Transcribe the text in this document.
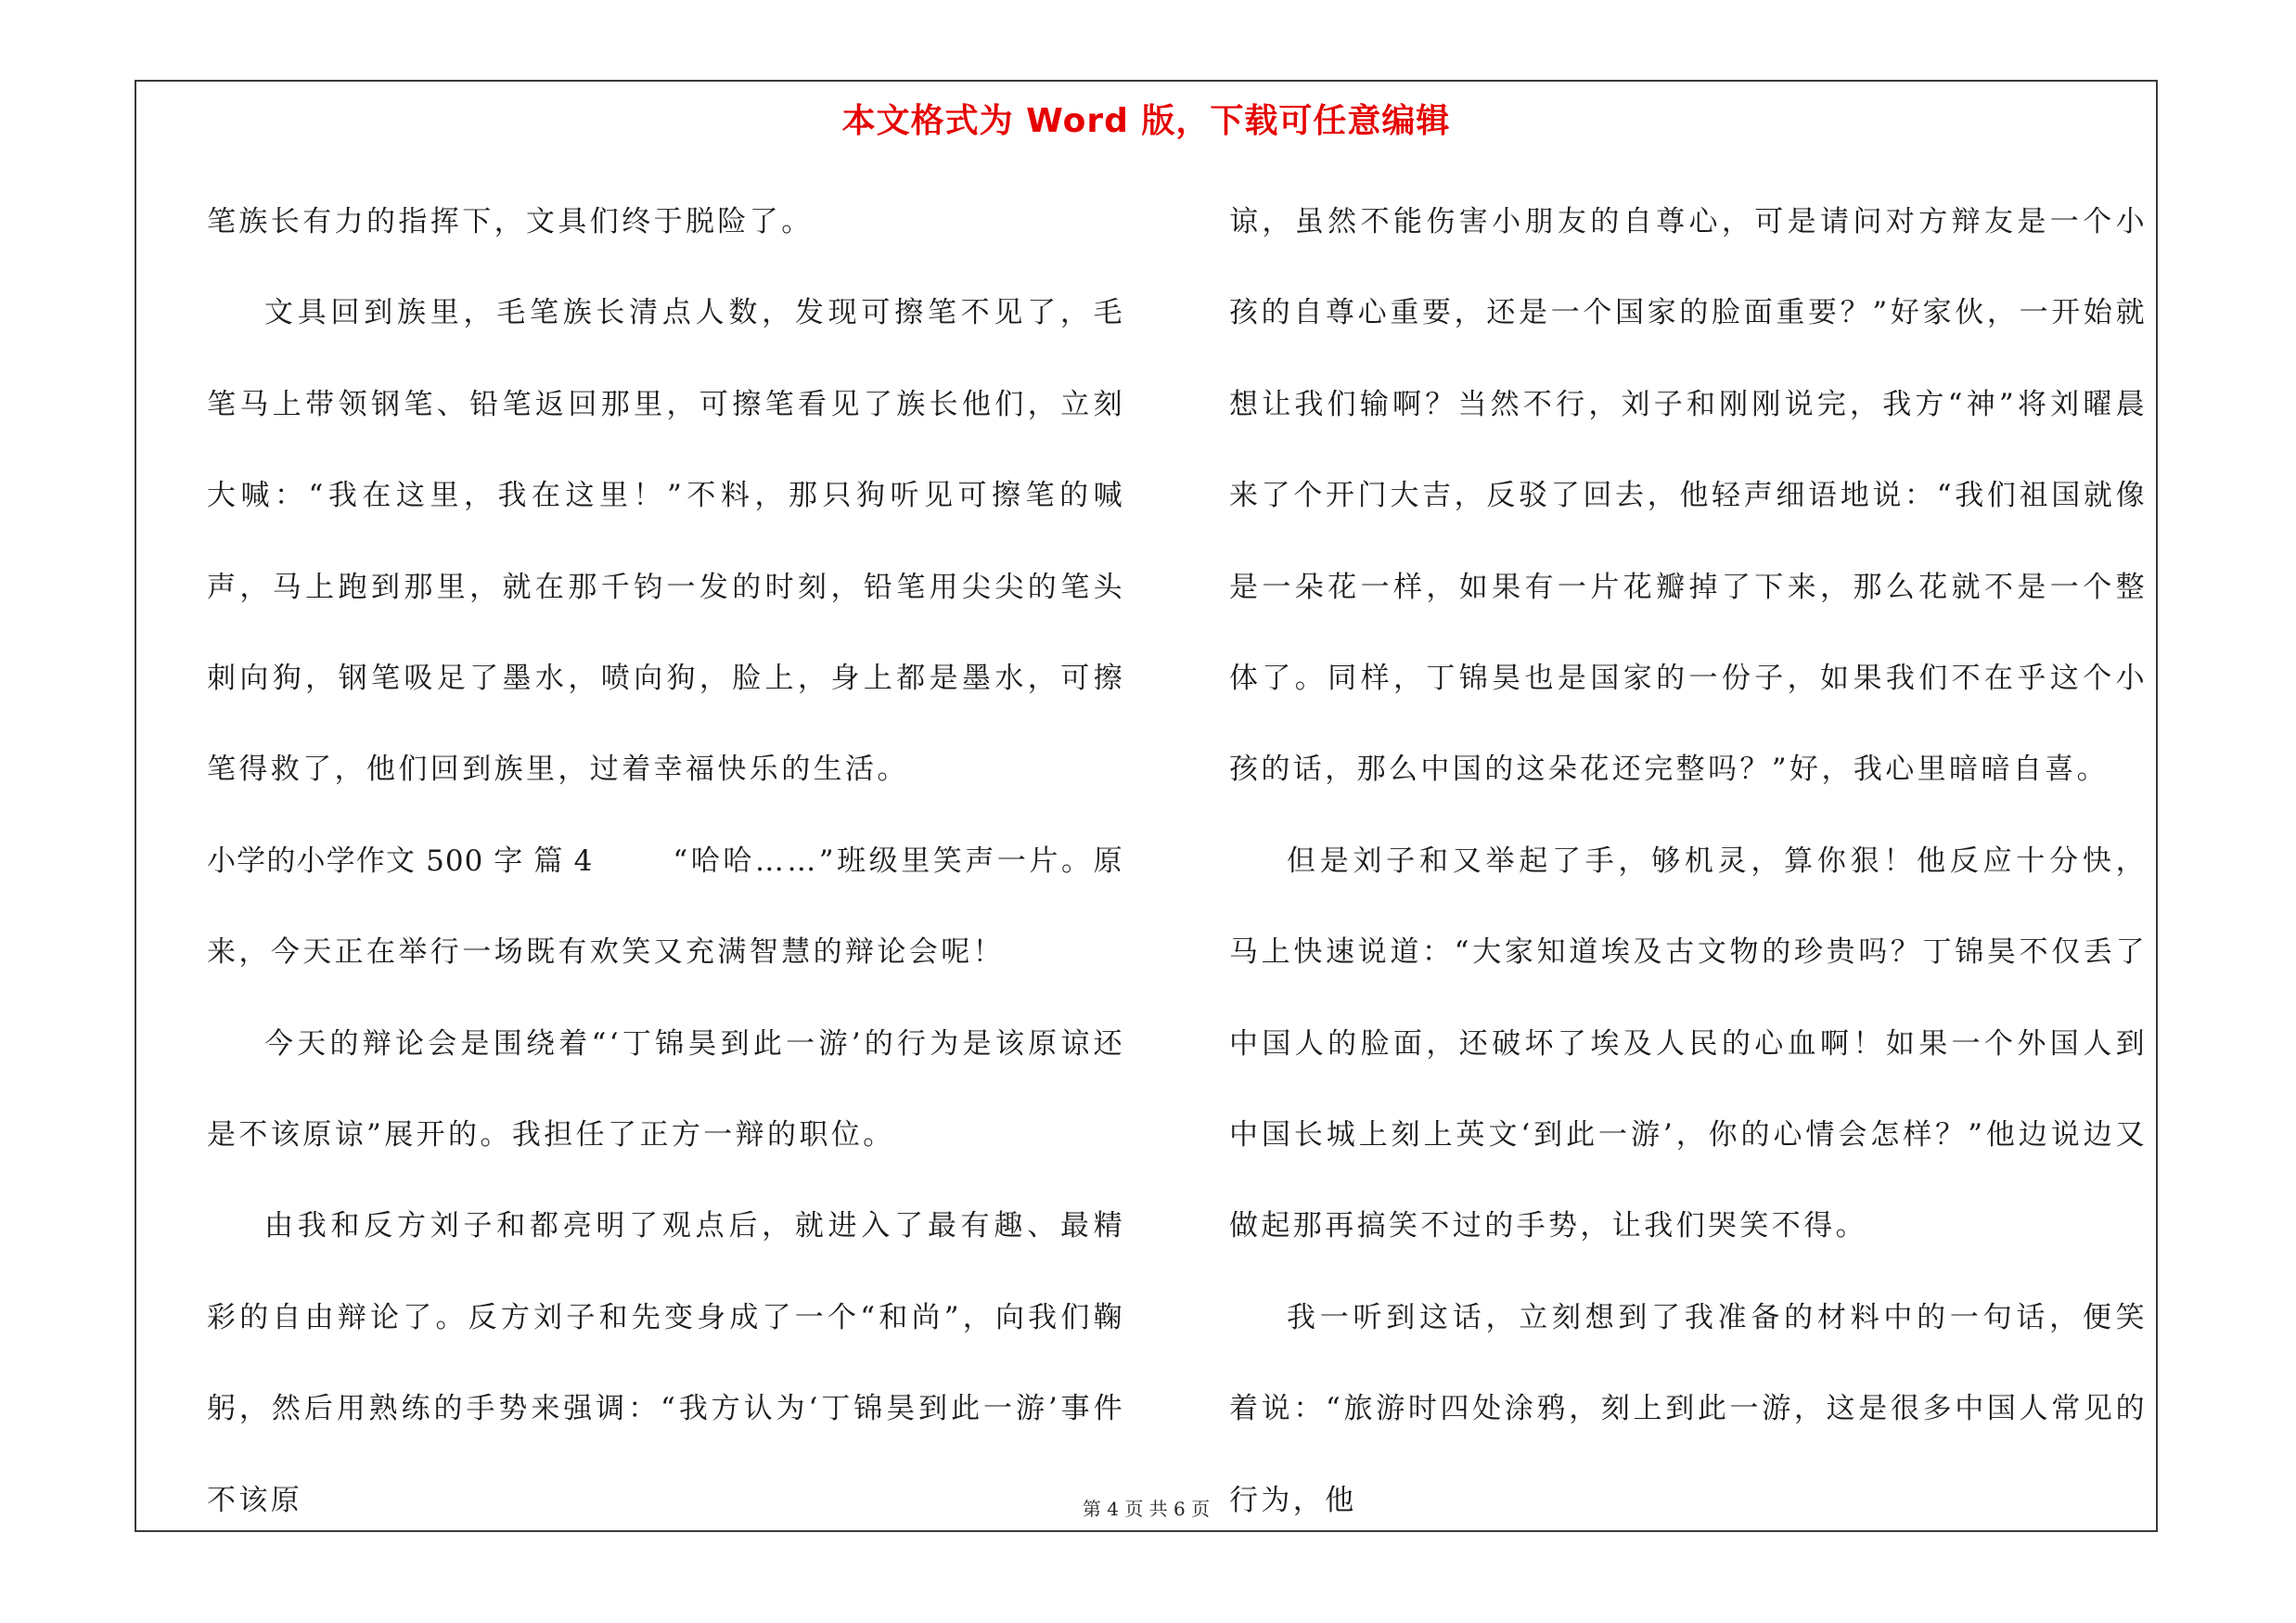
本文格式为 Word 版，下载可任意编辑

笔族长有力的指挥下，文具们终于脱险了。

文具回到族里，毛笔族长清点人数，发现可擦笔不见了，毛笔马上带领钢笔、铅笔返回那里，可擦笔看见了族长他们，立刻大喊：“我在这里，我在这里！”不料，那只狗听见可擦笔的喊声，马上跑到那里，就在那千钧一发的时刻，铅笔用尖尖的笔头刺向狗，钢笔吸足了墨水，喷向狗，脸上，身上都是墨水，可擦笔得救了，他们回到族里，过着幸福快乐的生活。

小学的小学作文 500 字 篇 4	“哈哈……”班级里笑声一片。原来，今天正在举行一场既有欢笑又充满智慧的辩论会呢！

今天的辩论会是围绕着“‘丁锦昊到此一游’的行为是该原谅还是不该原谅”展开的。我担任了正方一辩的职位。

由我和反方刘子和都亮明了观点后，就进入了最有趣、最精彩的自由辩论了。反方刘子和先变身成了一个“和尚”，向我们鞠躬，然后用熟练的手势来强调：“我方认为‘丁锦昊到此一游’事件不该原

谅，虽然不能伤害小朋友的自尊心，可是请问对方辩友是一个小孩的自尊心重要，还是一个国家的脸面重要？”好家伙，一开始就想让我们输啊？当然不行，刘子和刚刚说完，我方“神”将刘曜晨来了个开门大吉，反驳了回去，他轻声细语地说：“我们祖国就像是一朵花一样，如果有一片花瓣掉了下来，那么花就不是一个整体了。同样，丁锦昊也是国家的一份子，如果我们不在乎这个小孩的话，那么中国的这朵花还完整吗？”好，我心里暗暗自喜。

但是刘子和又举起了手，够机灵，算你狠！他反应十分快，马上快速说道：“大家知道埃及古文物的珍贵吗？丁锦昊不仅丢了中国人的脸面，还破坏了埃及人民的心血啊！如果一个外国人到中国长城上刻上英文‘到此一游’，你的心情会怎样？”他边说边又做起那再搞笑不过的手势，让我们哭笑不得。

我一听到这话，立刻想到了我准备的材料中的一句话，便笑着说：“旅游时四处涂鸦，刻上到此一游，这是很多中国人常见的行为，他

第 4 页 共 6 页
